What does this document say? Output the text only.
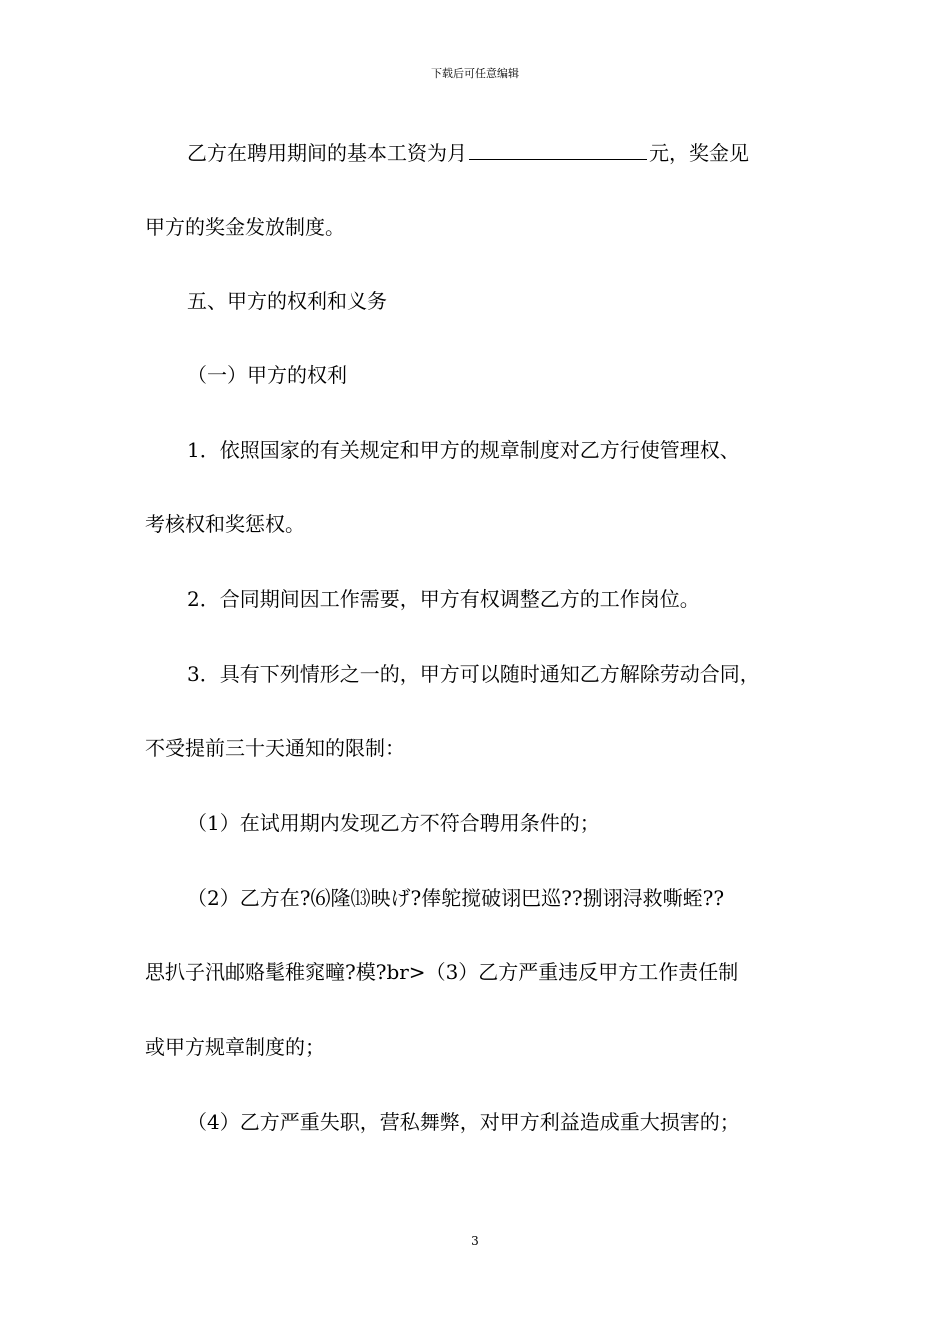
下载后可任意编辑
乙方在聘用期间的基本工资为月	元，奖金见
甲方的奖金发放制度。
五、甲方的权利和义务
（一）甲方的权利
1．依照国家的有关规定和甲方的规章制度对乙方行使管理权、
考核权和奖惩权。
2．合同期间因工作需要，甲方有权调整乙方的工作岗位。
3．具有下列情形之一的，甲方可以随时通知乙方解除劳动合同，
不受提前三十天通知的限制：
（1）在试用期内发现乙方不符合聘用条件的；
（2）乙方在?⑹隆⒀映げ?俸鸵搅破诩巴巡??捌诩浔救嘶蛭??
思扒子汛邮赂髦稚窕疃?模?br>（3）乙方严重违反甲方工作责任制
或甲方规章制度的；
（4）乙方严重失职，营私舞弊，对甲方利益造成重大损害的；
3
